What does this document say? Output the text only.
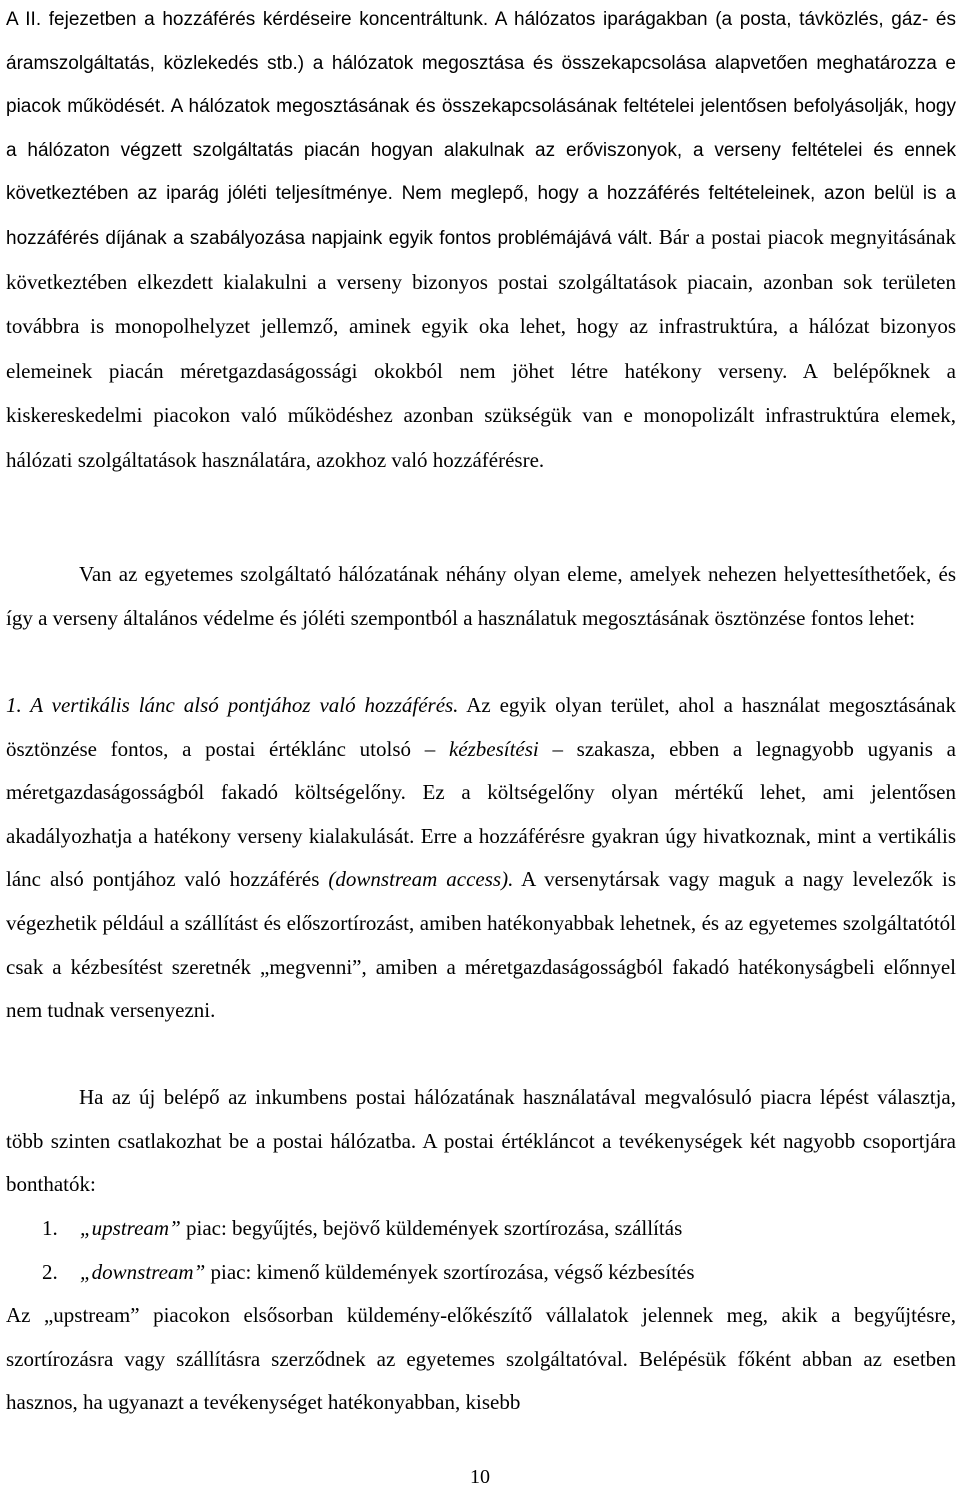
A II. fejezetben a hozzáférés kérdéseire koncentráltunk. A hálózatos iparágakban (a posta, távközlés, gáz- és áramszolgáltatás, közlekedés stb.) a hálózatok megosztása és összekapcsolása alapvetően meghatározza e piacok működését. A hálózatok megosztásának és összekapcsolásának feltételei jelentősen befolyásolják, hogy a hálózaton végzett szolgáltatás piacán hogyan alakulnak az erőviszonyok, a verseny feltételei és ennek következtében az iparág jóléti teljesítménye. Nem meglepő, hogy a hozzáférés feltételeinek, azon belül is a hozzáférés díjának a szabályozása napjaink egyik fontos problémájává vált. Bár a postai piacok megnyitásának következtében elkezdett kialakulni a verseny bizonyos postai szolgáltatások piacain, azonban sok területen továbbra is monopolhelyzet jellemző, aminek egyik oka lehet, hogy az infrastruktúra, a hálózat bizonyos elemeinek piacán méretgazdaságossági okokból nem jöhet létre hatékony verseny. A belépőknek a kiskereskedelmi piacokon való működéshez azonban szükségük van e monopolizált infrastruktúra elemek, hálózati szolgáltatások használatára, azokhoz való hozzáférésre.

Van az egyetemes szolgáltató hálózatának néhány olyan eleme, amelyek nehezen helyettesíthetőek, és így a verseny általános védelme és jóléti szempontból a használatuk megosztásának ösztönzése fontos lehet:

1. A vertikális lánc alsó pontjához való hozzáférés. Az egyik olyan terület, ahol a használat megosztásának ösztönzése fontos, a postai értéklánc utolsó – kézbesítési – szakasza, ebben a legnagyobb ugyanis a méretgazdaságosságból fakadó költségelőny. Ez a költségelőny olyan mértékű lehet, ami jelentősen akadályozhatja a hatékony verseny kialakulását. Erre a hozzáférésre gyakran úgy hivatkoznak, mint a vertikális lánc alsó pontjához való hozzáférés (downstream access). A versenytársak vagy maguk a nagy levelezők is végezhetik például a szállítást és előszortírozást, amiben hatékonyabbak lehetnek, és az egyetemes szolgáltatótól csak a kézbesítést szeretnék „megvenni”, amiben a méretgazdaságosságból fakadó hatékonyságbeli előnnyel nem tudnak versenyezni.

Ha az új belépő az inkumbens postai hálózatának használatával megvalósuló piacra lépést választja, több szinten csatlakozhat be a postai hálózatba. A postai értékláncot a tevékenységek két nagyobb csoportjára bonthatók:
1. „upstream” piac: begyűjtés, bejövő küldemények szortírozása, szállítás
2. „downstream” piac: kimenő küldemények szortírozása, végső kézbesítés
Az „upstream” piacokon elsősorban küldemény-előkészítő vállalatok jelennek meg, akik a begyűjtésre, szortírozásra vagy szállításra szerződnek az egyetemes szolgáltatóval. Belépésük főként abban az esetben hasznos, ha ugyanazt a tevékenységet hatékonyabban, kisebb
10
